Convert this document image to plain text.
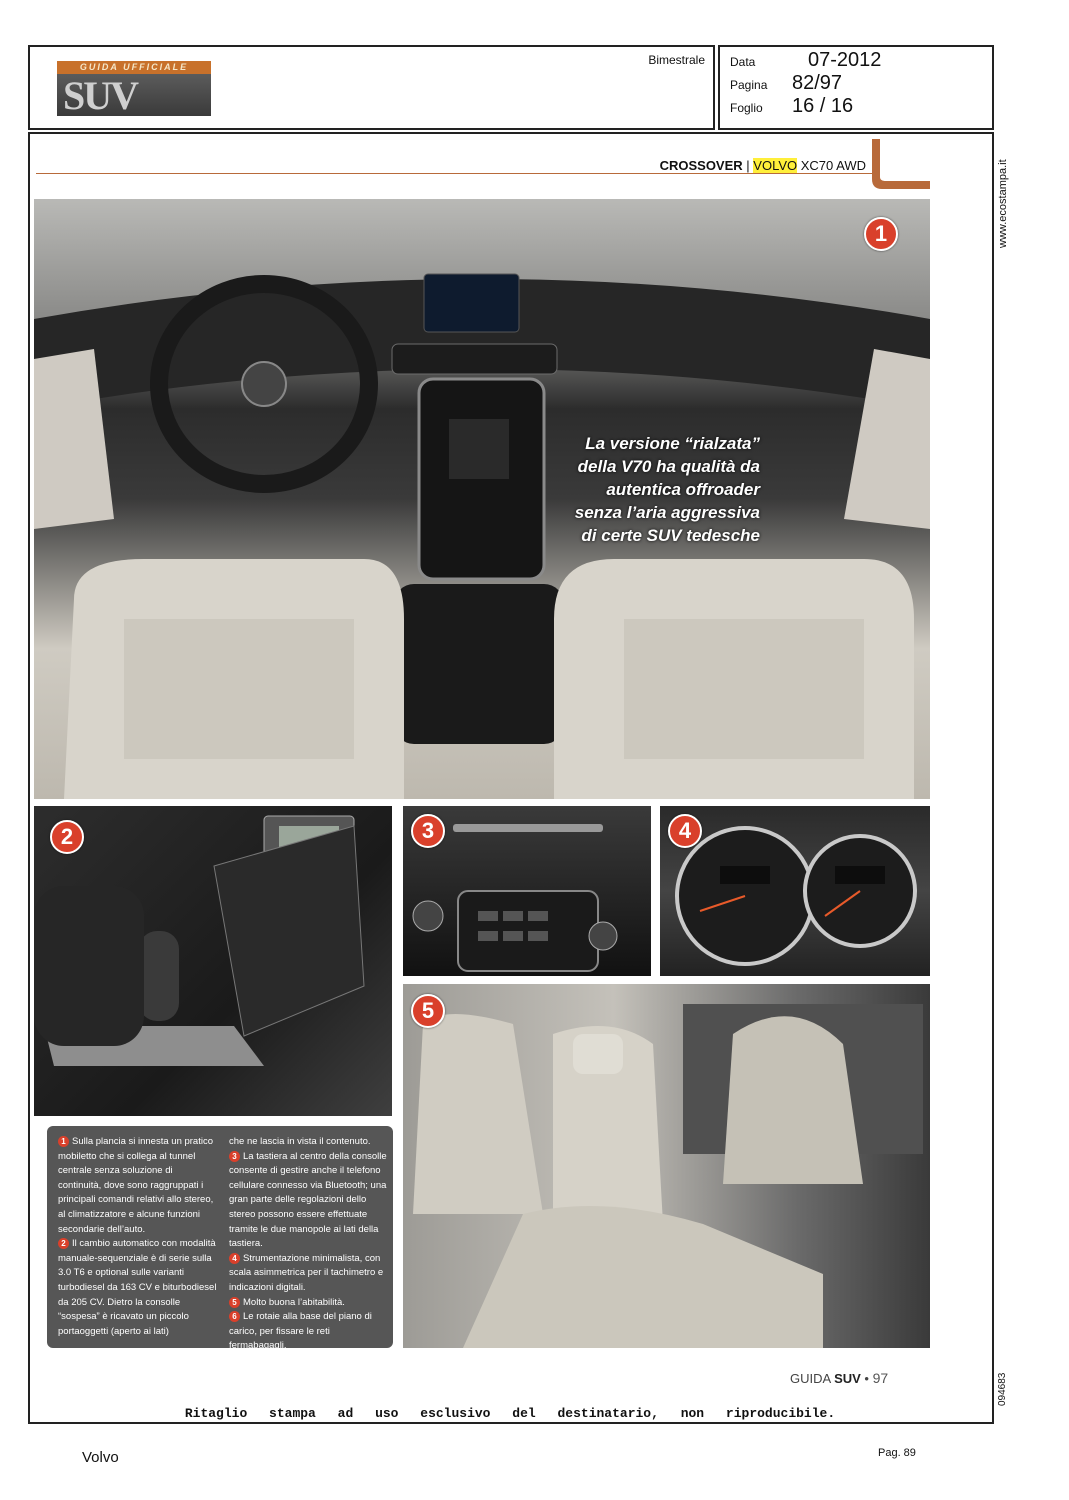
GUIDA UFFICIALE
SUV
Bimestrale Data	07-2012
Pagina 82/97
Foglio 16 / 16
CROSSOVER | VOLVO XC70 AWD
1
La versione “rialzata” della V70 ha qualità da autentica offroader senza l’aria aggressiva di certe SUV tedesche
2	3	4
5
1 Sulla plancia si innesta un pratico mobiletto che si collega al tunnel centrale senza soluzione di continuità, dove sono raggruppati i principali comandi relativi allo stereo, al climatizzatore e alcune funzioni secondarie dell’auto.
2 Il cambio automatico con modalità manuale-sequenziale è di serie sulla 3.0 T6 e optional sulle varianti turbodiesel da 163 CV e biturbodiesel da 205 CV. Dietro la consolle “sospesa” è ricavato un piccolo portaoggetti (aperto ai lati)
che ne lascia in vista il contenuto.
3 La tastiera al centro della consolle consente di gestire anche il telefono cellulare connesso via Bluetooth; una gran parte delle regolazioni dello stereo possono essere effettuate tramite le due manopole ai lati della tastiera.
4 Strumentazione minimalista, con scala asimmetrica per il tachimetro e indicazioni digitali.
5 Molto buona l’abitabilità.
6 Le rotaie alla base del piano di carico, per fissare le reti fermabagagli.
GUIDA SUV • 97
Ritaglio stampa ad uso esclusivo del destinatario, non riproducibile.
www.ecostampa.it
094683
Volvo	Pag. 89
